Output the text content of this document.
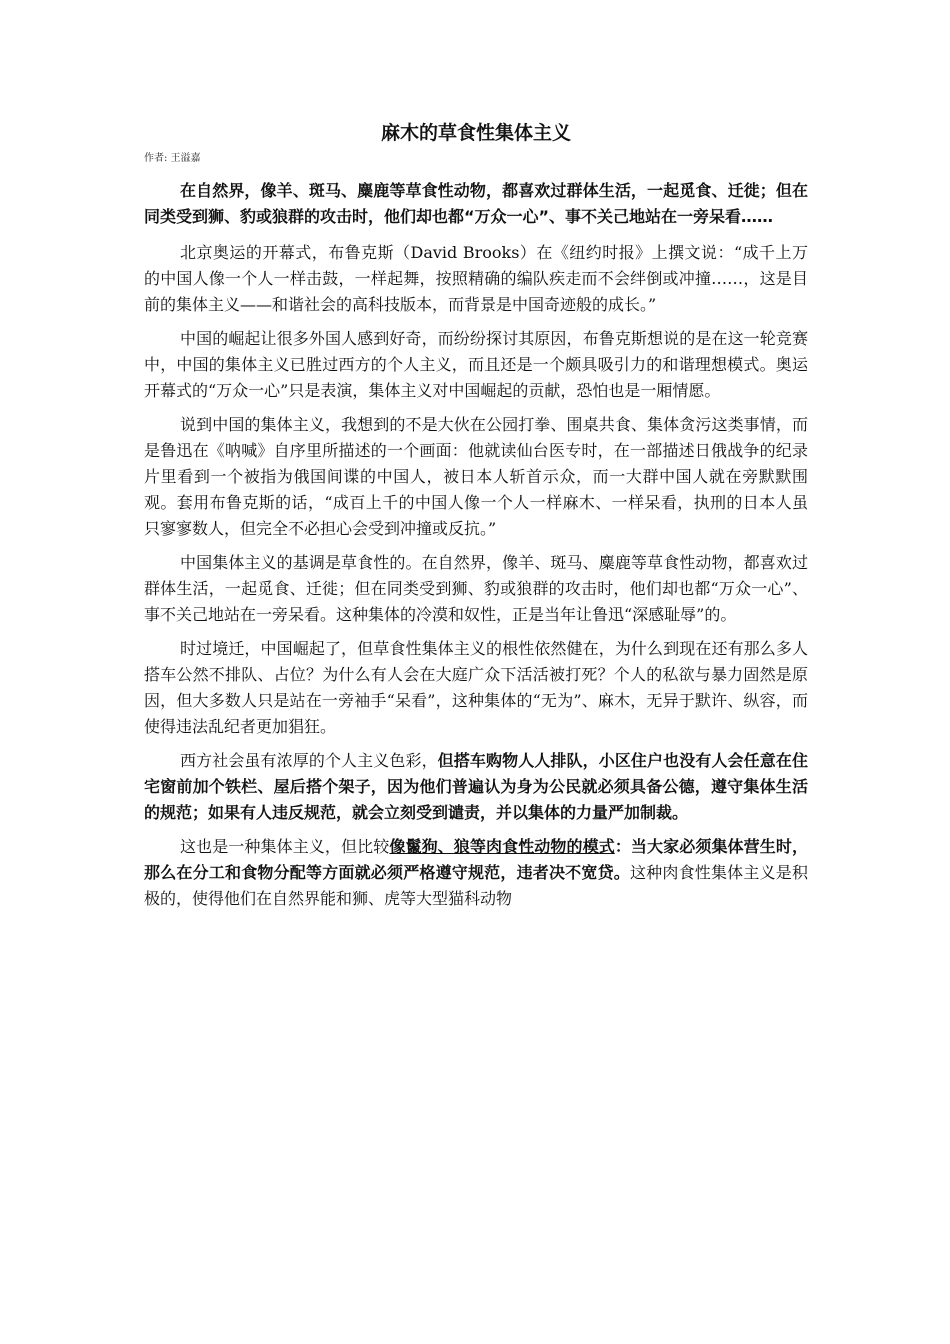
麻木的草食性集体主义
作者: 王溢嘉

在自然界，像羊、斑马、麋鹿等草食性动物，都喜欢过群体生活，一起觅食、迁徙；但在同类受到狮、豹或狼群的攻击时，他们却也都“万众一心”、事不关己地站在一旁呆看……

北京奥运的开幕式，布鲁克斯（David Brooks）在《纽约时报》上撰文说：“成千上万的中国人像一个人一样击鼓，一样起舞，按照精确的编队疾走而不会绊倒或冲撞……，这是目前的集体主义——和谐社会的高科技版本，而背景是中国奇迹般的成长。”

中国的崛起让很多外国人感到好奇，而纷纷探讨其原因，布鲁克斯想说的是在这一轮竞赛中，中国的集体主义已胜过西方的个人主义，而且还是一个颇具吸引力的和谐理想模式。奥运开幕式的“万众一心”只是表演，集体主义对中国崛起的贡献，恐怕也是一厢情愿。

说到中国的集体主义，我想到的不是大伙在公园打拳、围桌共食、集体贪污这类事情，而是鲁迅在《呐喊》自序里所描述的一个画面：他就读仙台医专时，在一部描述日俄战争的纪录片里看到一个被指为俄国间谍的中国人，被日本人斩首示众，而一大群中国人就在旁默默围观。套用布鲁克斯的话，“成百上千的中国人像一个人一样麻木、一样呆看，执刑的日本人虽只寥寥数人，但完全不必担心会受到冲撞或反抗。”

中国集体主义的基调是草食性的。在自然界，像羊、斑马、麋鹿等草食性动物，都喜欢过群体生活，一起觅食、迁徙；但在同类受到狮、豹或狼群的攻击时，他们却也都“万众一心”、事不关己地站在一旁呆看。这种集体的冷漠和奴性，正是当年让鲁迅“深感耻辱”的。

时过境迁，中国崛起了，但草食性集体主义的根性依然健在，为什么到现在还有那么多人搭车公然不排队、占位？为什么有人会在大庭广众下活活被打死？个人的私欲与暴力固然是原因，但大多数人只是站在一旁袖手“呆看”，这种集体的“无为”、麻木，无异于默许、纵容，而使得违法乱纪者更加猖狂。

西方社会虽有浓厚的个人主义色彩，但搭车购物人人排队，小区住户也没有人会任意在住宅窗前加个铁栏、屋后搭个架子，因为他们普遍认为身为公民就必须具备公德，遵守集体生活的规范；如果有人违反规范，就会立刻受到谴责，并以集体的力量严加制裁。

这也是一种集体主义，但比较像鬣狗、狼等肉食性动物的模式：当大家必须集体营生时，那么在分工和食物分配等方面就必须严格遵守规范，违者决不宽贷。这种肉食性集体主义是积极的，使得他们在自然界能和狮、虎等大型猫科动物
